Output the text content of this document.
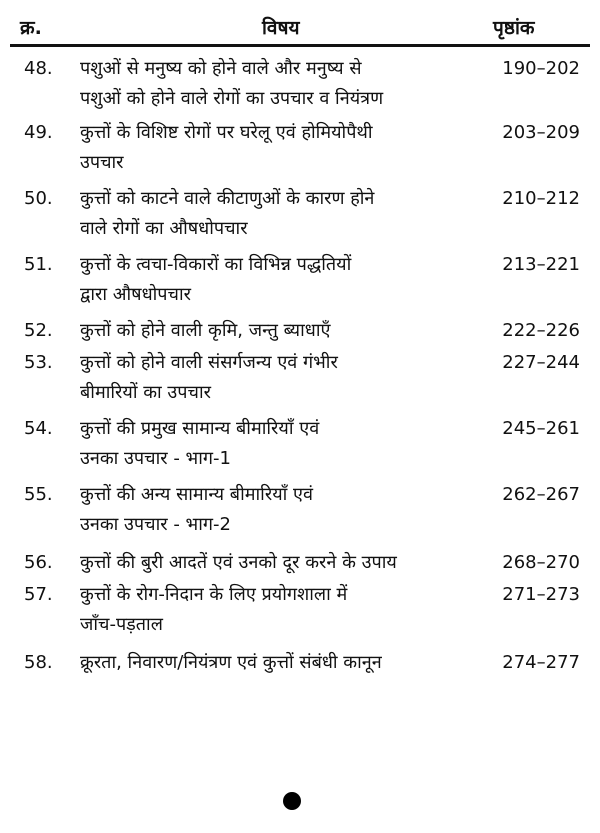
क्र.	विषय	पृष्ठांक
48. पशुओं से मनुष्य को होने वाले और मनुष्य से
पशुओं को होने वाले रोगों का उपचार व नियंत्रण
190–202
49. कुत्तों के विशिष्ट रोगों पर घरेलू एवं होमियोपैथी
उपचार
203–209
50. कुत्तों को काटने वाले कीटाणुओं के कारण होने
वाले रोगों का औषधोपचार
210–212
51. कुत्तों के त्वचा-विकारों का विभिन्न पद्धतियों
द्वारा औषधोपचार
213–221
52. कुत्तों को होने वाली कृमि, जन्तु ब्याधाएँ	222–226
53. कुत्तों को होने वाली संसर्गजन्य एवं गंभीर
बीमारियों का उपचार
227–244
54. कुत्तों की प्रमुख सामान्य बीमारियाँ एवं
उनका उपचार - भाग-1
245–261
55. कुत्तों की अन्य सामान्य बीमारियाँ एवं
उनका उपचार - भाग-2
262–267
56. कुत्तों की बुरी आदतें एवं उनको दूर करने के उपाय	268–270
57. कुत्तों के रोग-निदान के लिए प्रयोगशाला में
जाँच-पड़ताल
271–273
58. क्रूरता, निवारण/नियंत्रण एवं कुत्तों संबंधी कानून	274–277
